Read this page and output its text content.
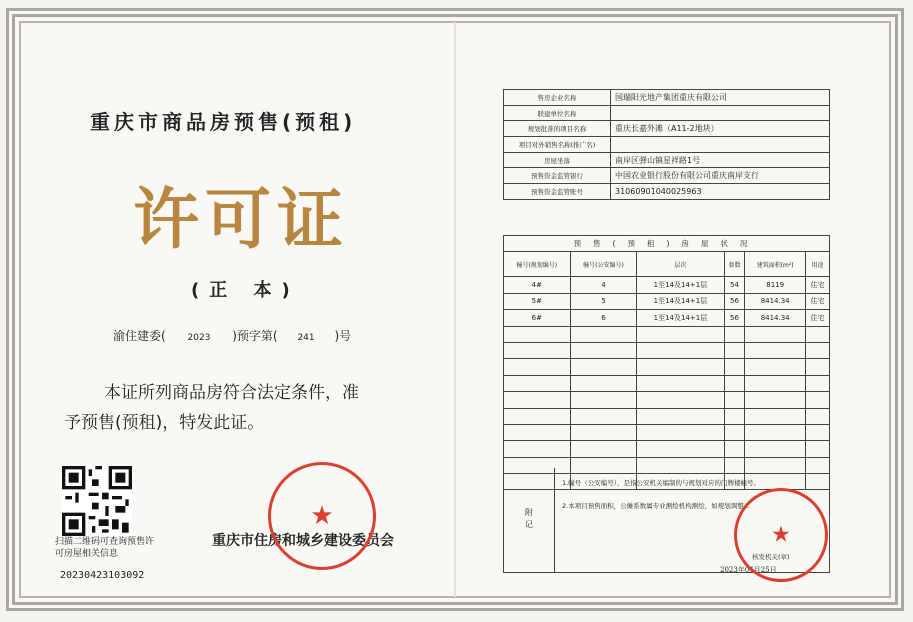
重庆市商品房预售(预租)
许可证
(正 本)
渝住建委( 2023 )预字第( 241 )号
本证所列商品房符合法定条件，准
予预售(预租)，特发此证。
扫描二维码可查询预售许可房屋相关信息
20230423103092
重庆市住房和城乡建设委员会
★
售房企业名称	国瑞阳光地产集团重庆有限公司
联建单位名称	
规划批准的项目名称	重庆长嘉外滩（A11-2地块）
项目对外销售名称(推广名)	
房屋坐落	南岸区弹山镇星祥路1号
预售资金监管银行	中国农业银行股份有限公司重庆南岸支行
预售资金监管账号	31060901040025963
预售(预租)房屋状况					
幢号(规划编号)	幢号(公安编号)	层次	套数	建筑面积(m²)	用途
4#	4	1至14及14+1层	54	8119	住宅
5#	5	1至14及14+1层	56	8414.34	住宅
6#	6	1至14及14+1层	56	8414.34	住宅

附记
1.幢号（公安编号），是指公安机关编制的与规划对应的门牌楼幢号。
2.本项目预售面积，公摊系数属专业测绘机构测绘，如规划调整…
核发机关(章)
2023年04月25日
★
